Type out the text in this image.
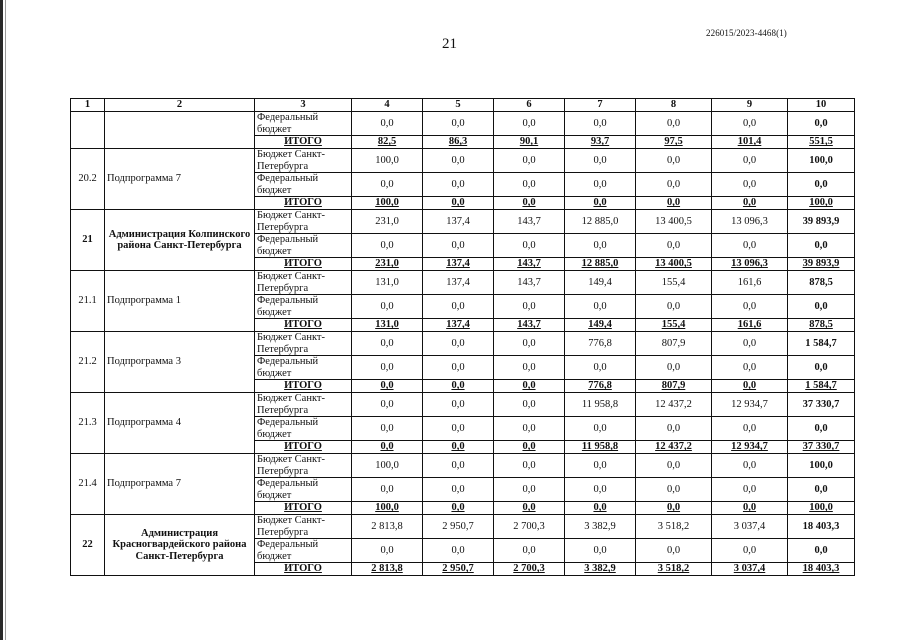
226015/2023-4468(1)
21
1	2	3	4	5	6	7	8	9	10
		Федеральный бюджет	0,0	0,0	0,0	0,0	0,0	0,0	0,0
		ИТОГО	82,5	86,3	90,1	93,7	97,5	101,4	551,5
20.2	Подпрограмма 7	Бюджет Санкт-Петербурга	100,0	0,0	0,0	0,0	0,0	0,0	100,0
		Федеральный бюджет	0,0	0,0	0,0	0,0	0,0	0,0	0,0
		ИТОГО	100,0	0,0	0,0	0,0	0,0	0,0	100,0
21	Администрация Колпинского района Санкт-Петербурга	Бюджет Санкт-Петербурга	231,0	137,4	143,7	12 885,0	13 400,5	13 096,3	39 893,9
		Федеральный бюджет	0,0	0,0	0,0	0,0	0,0	0,0	0,0
		ИТОГО	231,0	137,4	143,7	12 885,0	13 400,5	13 096,3	39 893,9
21.1	Подпрограмма 1	Бюджет Санкт-Петербурга	131,0	137,4	143,7	149,4	155,4	161,6	878,5
		Федеральный бюджет	0,0	0,0	0,0	0,0	0,0	0,0	0,0
		ИТОГО	131,0	137,4	143,7	149,4	155,4	161,6	878,5
21.2	Подпрограмма 3	Бюджет Санкт-Петербурга	0,0	0,0	0,0	776,8	807,9	0,0	1 584,7
		Федеральный бюджет	0,0	0,0	0,0	0,0	0,0	0,0	0,0
		ИТОГО	0,0	0,0	0,0	776,8	807,9	0,0	1 584,7
21.3	Подпрограмма 4	Бюджет Санкт-Петербурга	0,0	0,0	0,0	11 958,8	12 437,2	12 934,7	37 330,7
		Федеральный бюджет	0,0	0,0	0,0	0,0	0,0	0,0	0,0
		ИТОГО	0,0	0,0	0,0	11 958,8	12 437,2	12 934,7	37 330,7
21.4	Подпрограмма 7	Бюджет Санкт-Петербурга	100,0	0,0	0,0	0,0	0,0	0,0	100,0
		Федеральный бюджет	0,0	0,0	0,0	0,0	0,0	0,0	0,0
		ИТОГО	100,0	0,0	0,0	0,0	0,0	0,0	100,0
22	Администрация Красногвардейского района Санкт-Петербурга	Бюджет Санкт-Петербурга	2 813,8	2 950,7	2 700,3	3 382,9	3 518,2	3 037,4	18 403,3
		Федеральный бюджет	0,0	0,0	0,0	0,0	0,0	0,0	0,0
		ИТОГО	2 813,8	2 950,7	2 700,3	3 382,9	3 518,2	3 037,4	18 403,3
